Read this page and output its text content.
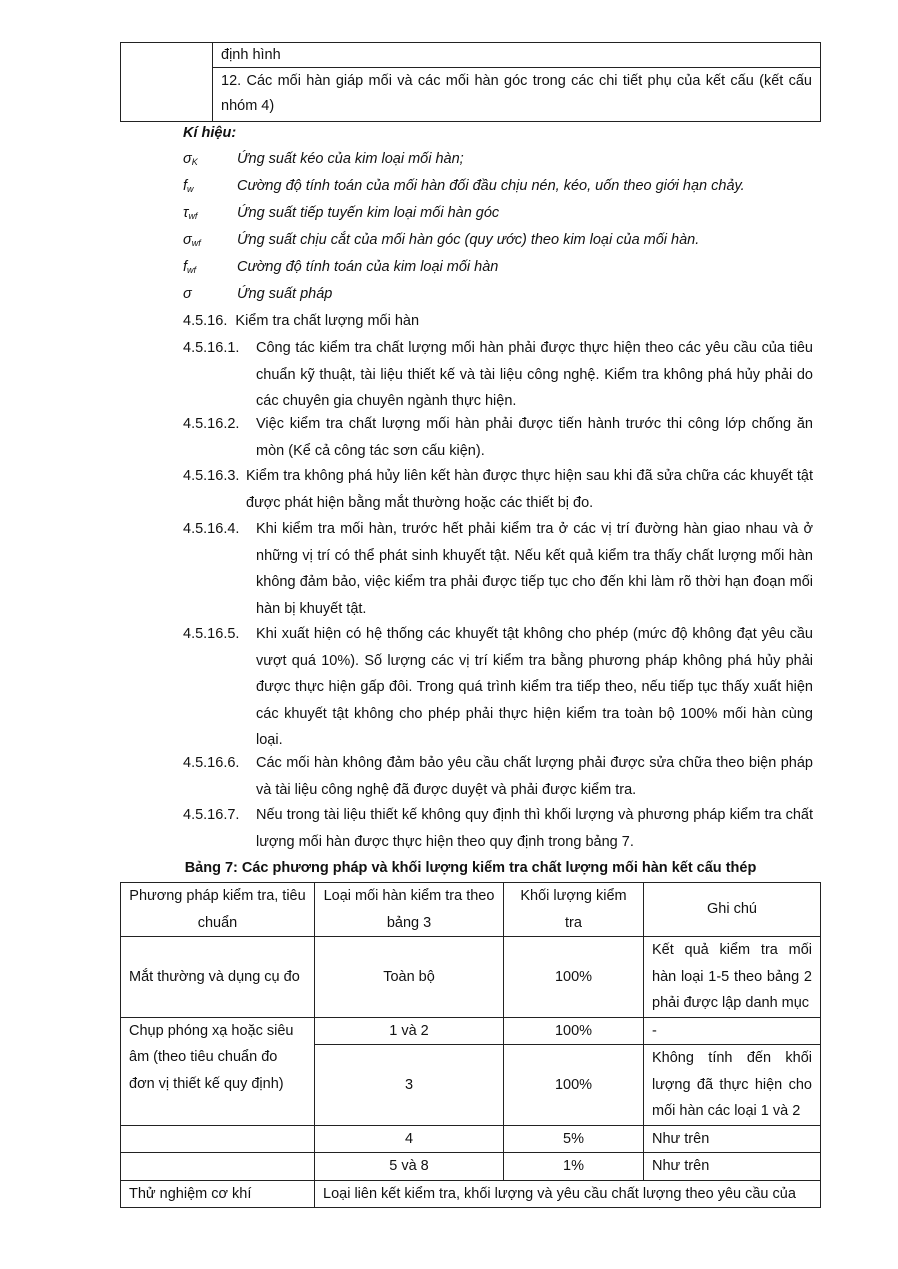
	định hình
12. Các mối hàn giáp mối và các mối hàn góc trong các chi tiết phụ của kết cấu (kết cấu nhóm 4)
Kí hiệu:
$\sigma_K$	Ứng suất kéo của kim loại mối hàn;
$f_w$	Cường độ tính toán của mối hàn đối đầu chịu nén, kéo, uốn theo giới hạn chảy.
$\tau_{wf}$	Ứng suất tiếp tuyến kim loại mối hàn góc
$\sigma_{wf}$	Ứng suất chịu cắt của mối hàn góc (quy ước) theo kim loại của mối hàn.
$f_{wf}$	Cường độ tính toán của kim loại mối hàn
σ	Ứng suất pháp
4.5.16.  Kiểm tra chất lượng mối hàn
4.5.16.1. Công tác kiểm tra chất lượng mối hàn phải được thực hiện theo các yêu cầu của tiêu chuẩn kỹ thuật, tài liệu thiết kế và tài liệu công nghệ. Kiểm tra không phá hủy phải do các chuyên gia chuyên ngành thực hiện.
4.5.16.2. Việc kiểm tra chất lượng mối hàn phải được tiến hành trước thi công lớp chống ăn mòn (Kể cả công tác sơn cấu kiện).
4.5.16.3. Kiểm tra không phá hủy liên kết hàn được thực hiện sau khi đã sửa chữa các khuyết tật được phát hiện bằng mắt thường hoặc các thiết bị đo.
4.5.16.4. Khi kiểm tra mối hàn, trước hết phải kiểm tra ở các vị trí đường hàn giao nhau và ở những vị trí có thể phát sinh khuyết tật. Nếu kết quả kiểm tra thấy chất lượng mối hàn không đảm bảo, việc kiểm tra phải được tiếp tục cho đến khi làm rõ thời hạn đoạn mối hàn bị khuyết tật.
4.5.16.5. Khi xuất hiện có hệ thống các khuyết tật không cho phép (mức độ không đạt yêu cầu vượt quá 10%). Số lượng các vị trí kiểm tra bằng phương pháp không phá hủy phải được thực hiện gấp đôi. Trong quá trình kiểm tra tiếp theo, nếu tiếp tục thấy xuất hiện các khuyết tật không cho phép phải thực hiện kiểm tra toàn bộ 100% mối hàn cùng loại.
4.5.16.6. Các mối hàn không đảm bảo yêu cầu chất lượng phải được sửa chữa theo biện pháp và tài liệu công nghệ đã được duyệt và phải được kiểm tra.
4.5.16.7. Nếu trong tài liệu thiết kế không quy định thì khối lượng và phương pháp kiểm tra chất lượng mối hàn được thực hiện theo quy định trong bảng 7.
Bảng 7: Các phương pháp và khối lượng kiểm tra chất lượng mối hàn kết cấu thép
Phương pháp kiểm tra, tiêu chuẩn	Loại mối hàn kiểm tra theo bảng 3	Khối lượng kiểm tra	Ghi chú
Mắt thường và dụng cụ đo	Toàn bộ	100%	Kết quả kiểm tra mối hàn loại 1-5 theo bảng 2 phải được lập danh mục
Chụp phóng xạ hoặc siêu âm (theo tiêu chuẩn đo đơn vị thiết kế quy định)	1 và 2	100%	-
	3	100%	Không tính đến khối lượng đã thực hiện cho mối hàn các loại 1 và 2
	4	5%	Như trên
	5 và 8	1%	Như trên
Thử nghiệm cơ khí	Loại liên kết kiểm tra, khối lượng và yêu cầu chất lượng theo yêu cầu của		
